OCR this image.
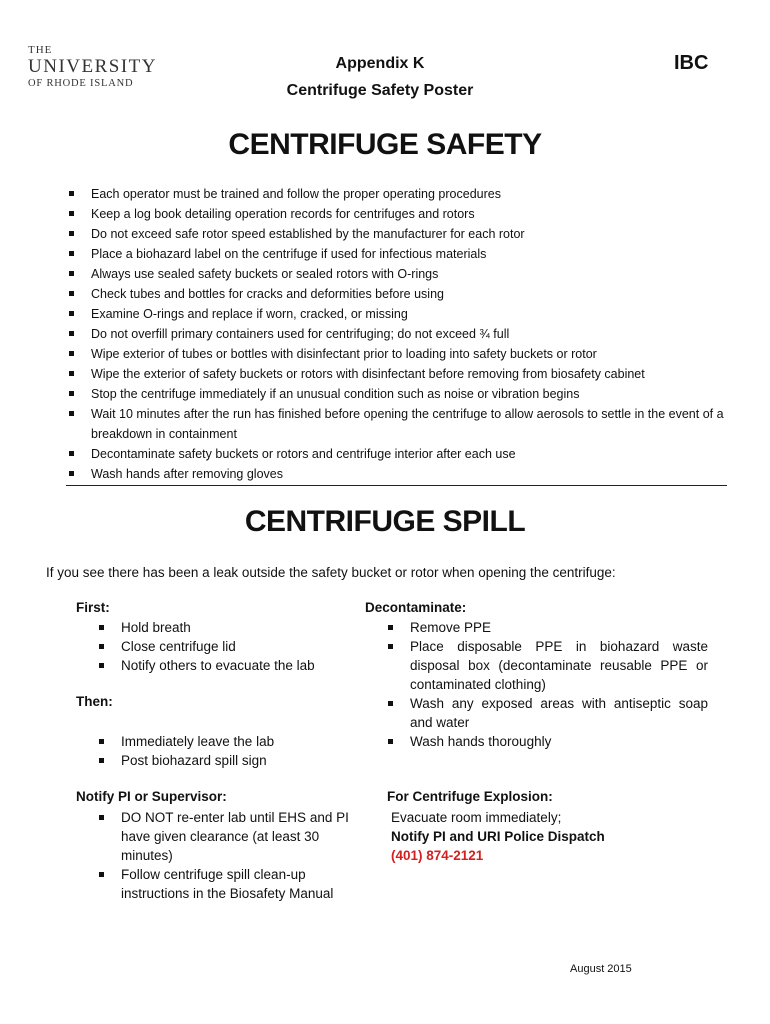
THE
UNIVERSITY
OF RHODE ISLAND
Appendix K
Centrifuge Safety Poster
IBC
CENTRIFUGE SAFETY
Each operator must be trained and follow the proper operating procedures
Keep a log book detailing operation records for centrifuges and rotors
Do not exceed safe rotor speed established by the manufacturer for each rotor
Place a biohazard label on the centrifuge if used for infectious materials
Always use sealed safety buckets or sealed rotors with O-rings
Check tubes and bottles for cracks and deformities before using
Examine O-rings and replace if worn, cracked, or missing
Do not overfill primary containers used for centrifuging; do not exceed ¾ full
Wipe exterior of tubes or bottles with disinfectant prior to loading into safety buckets or rotor
Wipe the exterior of safety buckets or rotors with disinfectant before removing from biosafety cabinet
Stop the centrifuge immediately if an unusual condition such as noise or vibration begins
Wait 10 minutes after the run has finished before opening the centrifuge to allow aerosols to settle in the event of a breakdown in containment
Decontaminate safety buckets or rotors and centrifuge interior after each use
Wash hands after removing gloves
CENTRIFUGE SPILL
If you see there has been a leak outside the safety bucket or rotor when opening the centrifuge:
First:
Hold breath
Close centrifuge lid
Notify others to evacuate the lab
Then:
Immediately leave the lab
Post biohazard spill sign
Notify PI or Supervisor:
DO NOT re-enter lab until EHS and PI have given clearance (at least 30 minutes)
Follow centrifuge spill clean-up instructions in the Biosafety Manual
Decontaminate:
Remove PPE
Place disposable PPE in biohazard waste disposal box (decontaminate reusable PPE or contaminated clothing)
Wash any exposed areas with antiseptic soap and water
Wash hands thoroughly
For Centrifuge Explosion:
Evacuate room immediately;
Notify PI and URI Police Dispatch
(401) 874-2121
August 2015
